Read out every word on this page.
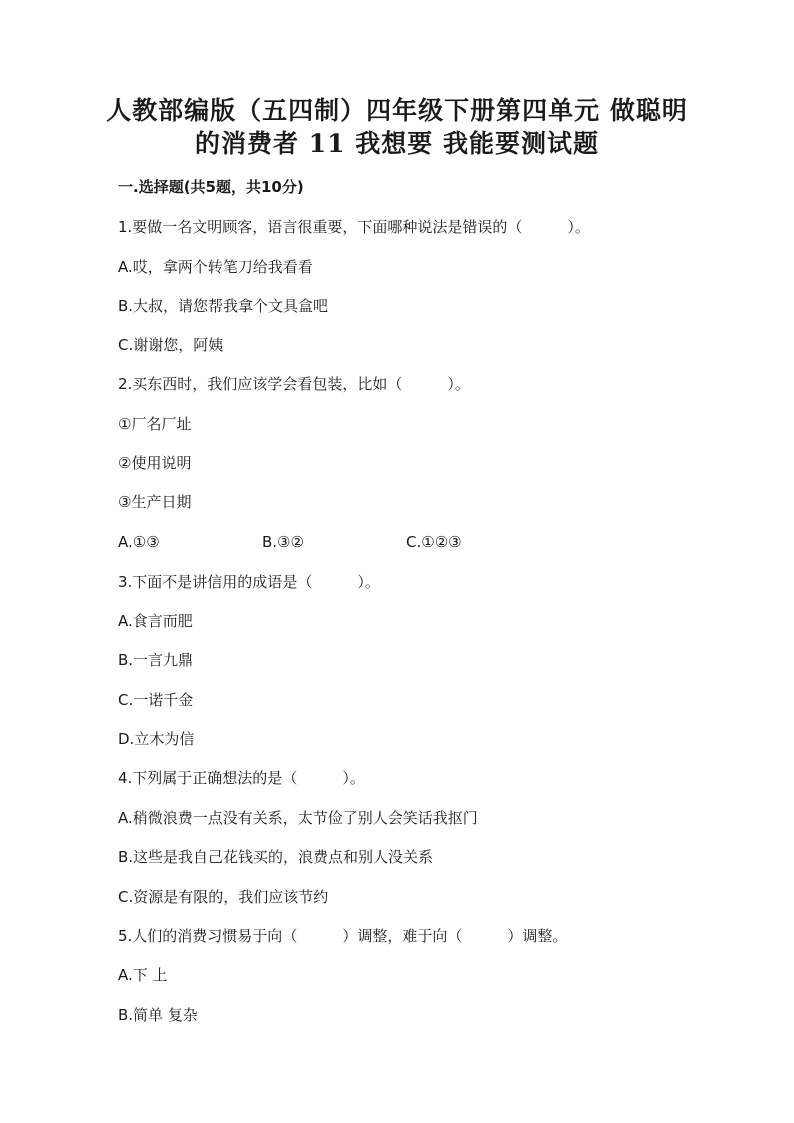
人教部编版（五四制）四年级下册第四单元 做聪明
的消费者 11 我想要 我能要测试题
一.选择题(共5题，共10分)
1.要做一名文明顾客，语言很重要，下面哪种说法是错误的（　　　）。
A.哎，拿两个转笔刀给我看看
B.大叔，请您帮我拿个文具盒吧
C.谢谢您，阿姨
2.买东西时，我们应该学会看包装，比如（　　　）。
①厂名厂址
②使用说明
③生产日期
A.①③	B.③②	C.①②③
3.下面不是讲信用的成语是（　　　）。
A.食言而肥
B.一言九鼎
C.一诺千金
D.立木为信
4.下列属于正确想法的是（　　　）。
A.稍微浪费一点没有关系，太节俭了别人会笑话我抠门
B.这些是我自己花钱买的，浪费点和别人没关系
C.资源是有限的，我们应该节约
5.人们的消费习惯易于向（　　　）调整，难于向（　　　）调整。
A.下 上
B.简单 复杂
